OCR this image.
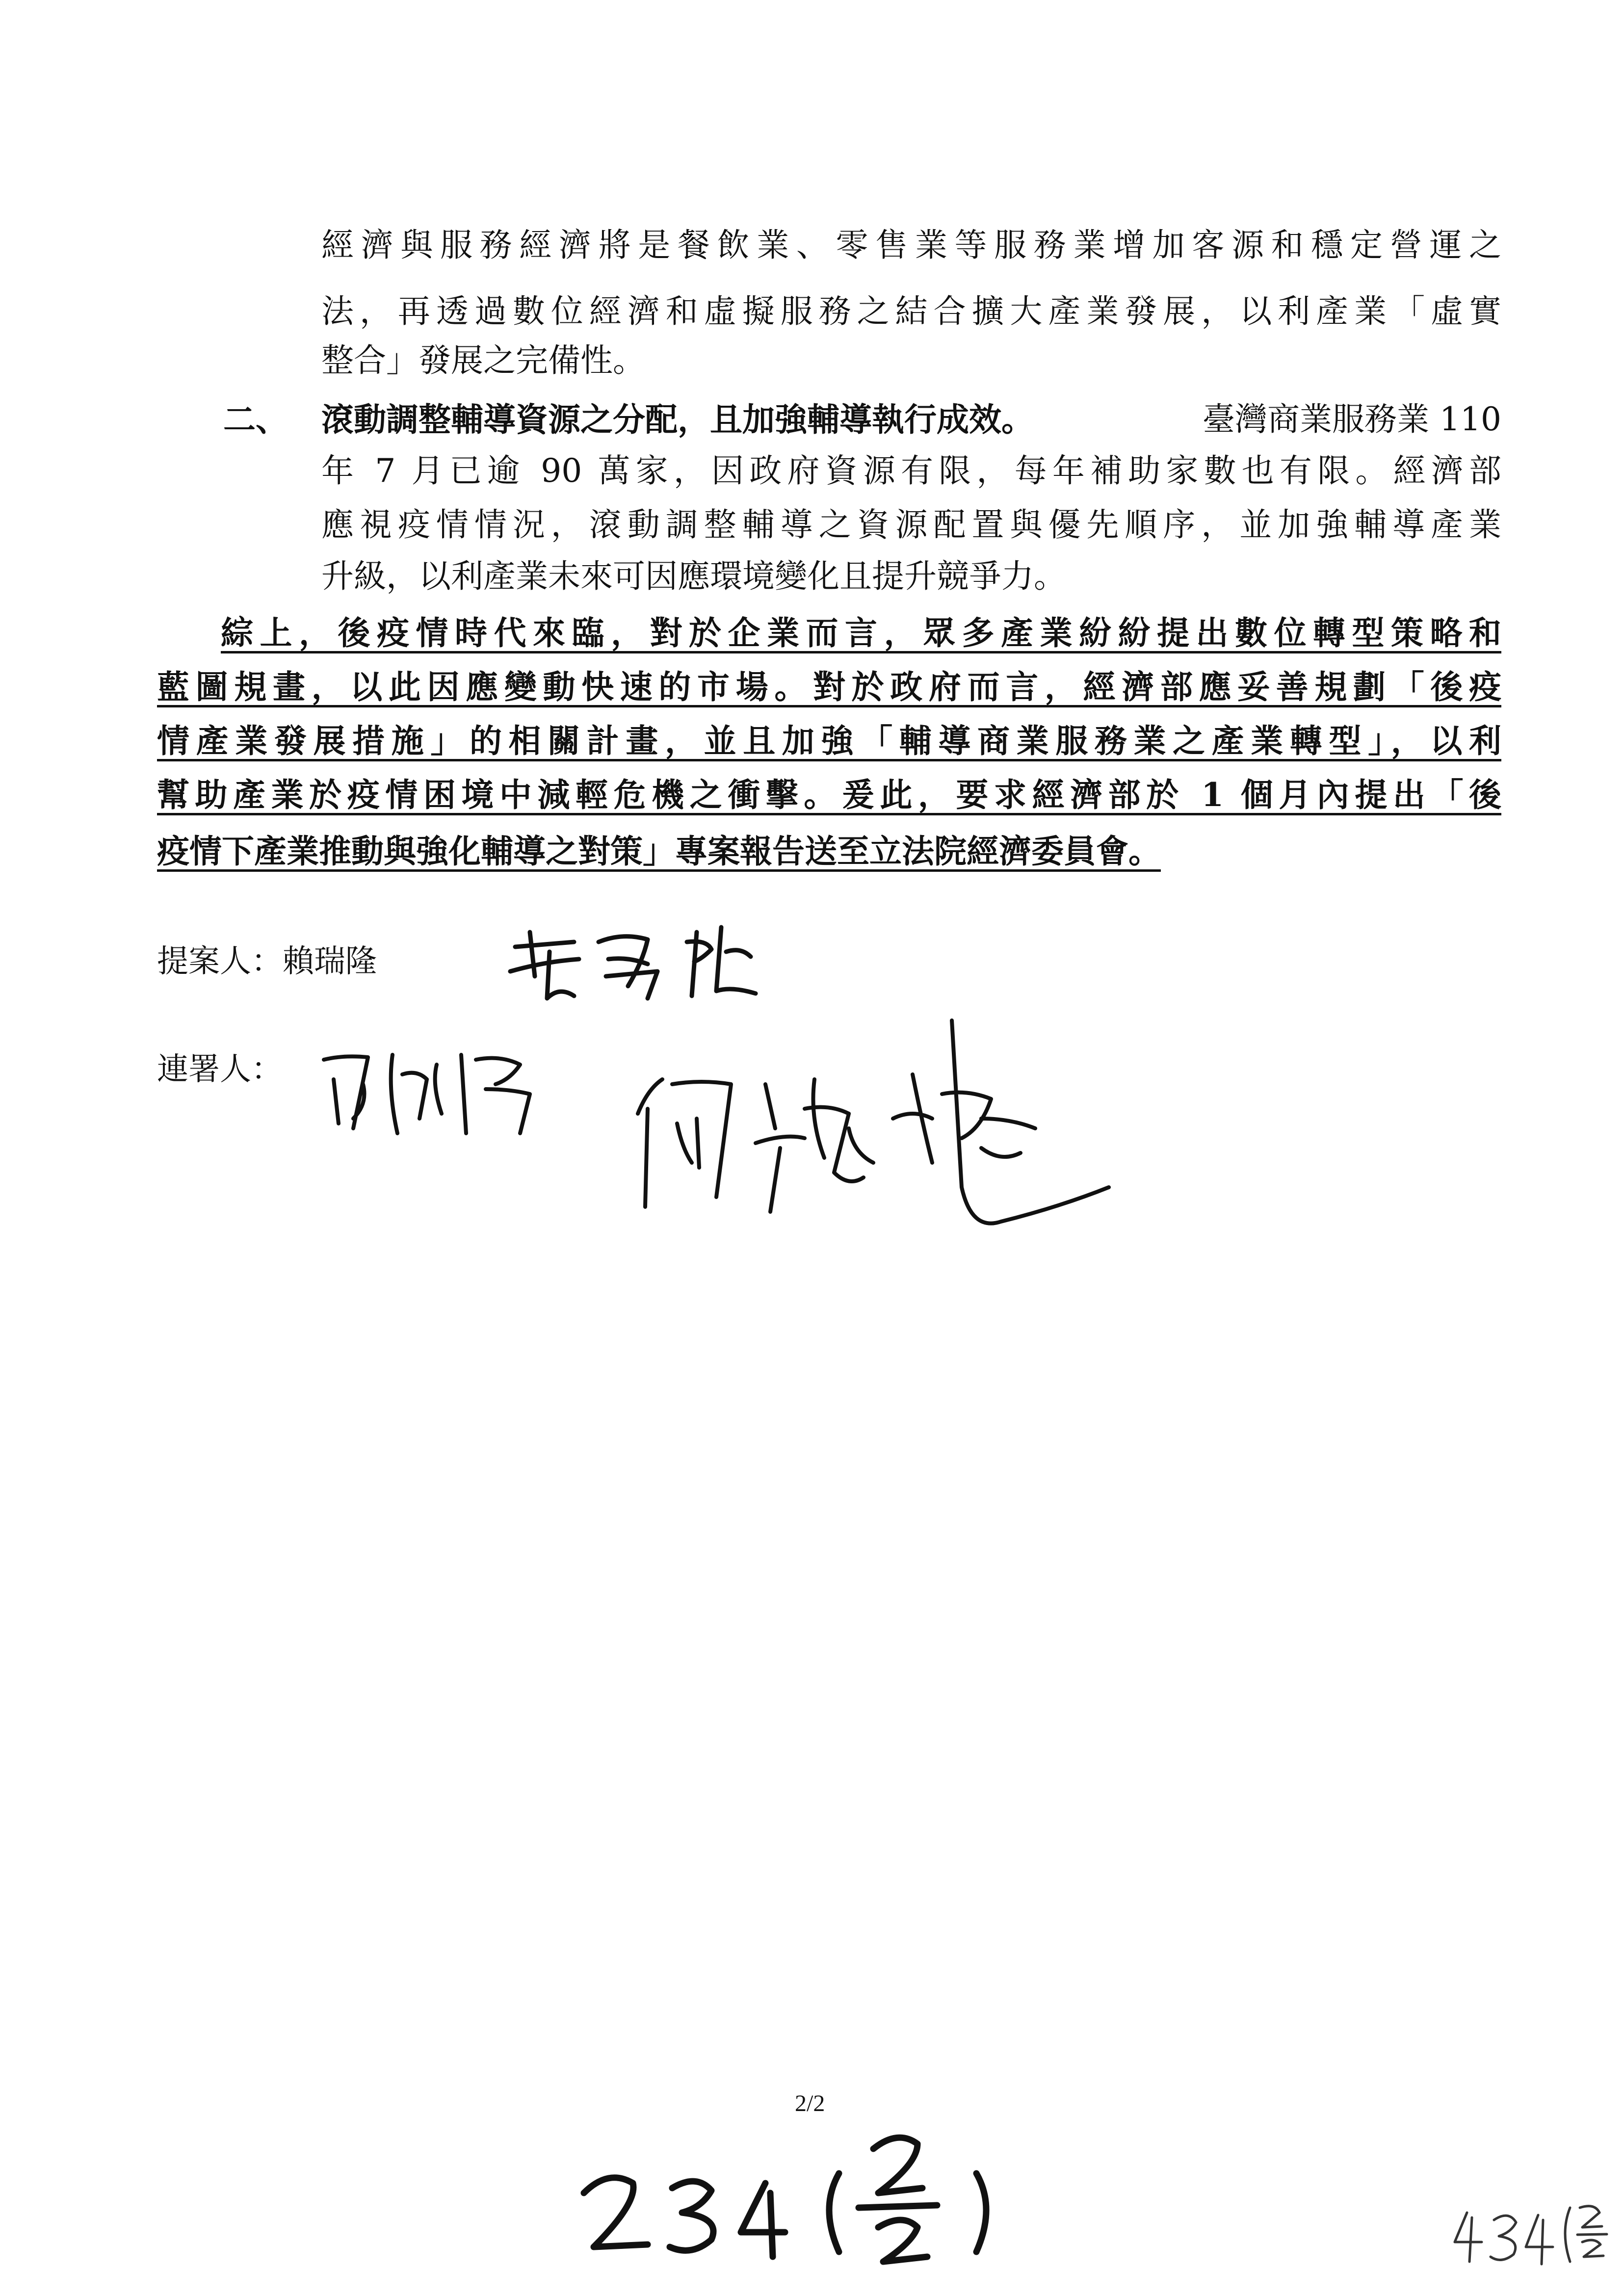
經濟與服務經濟將是餐飲業、零售業等服務業增加客源和穩定營運之
法，再透過數位經濟和虛擬服務之結合擴大產業發展，以利產業「虛實
整合」發展之完備性。
二、 滾動調整輔導資源之分配，且加強輔導執行成效。	臺灣商業服務業 110
年 7 月已逾 90 萬家，因政府資源有限，每年補助家數也有限。經濟部
應視疫情情況，滾動調整輔導之資源配置與優先順序，並加強輔導產業
升級，以利產業未來可因應環境變化且提升競爭力。
綜上，後疫情時代來臨，對於企業而言，眾多產業紛紛提出數位轉型策略和
藍圖規畫，以此因應變動快速的市場。對於政府而言，經濟部應妥善規劃「後疫
情產業發展措施」的相關計畫，並且加強「輔導商業服務業之產業轉型」，以利
幫助產業於疫情困境中減輕危機之衝擊。爰此，要求經濟部於 1 個月內提出「後
疫情下產業推動與強化輔導之對策」專案報告送至立法院經濟委員會。
提案人：賴瑞隆
連署人：
2/2
